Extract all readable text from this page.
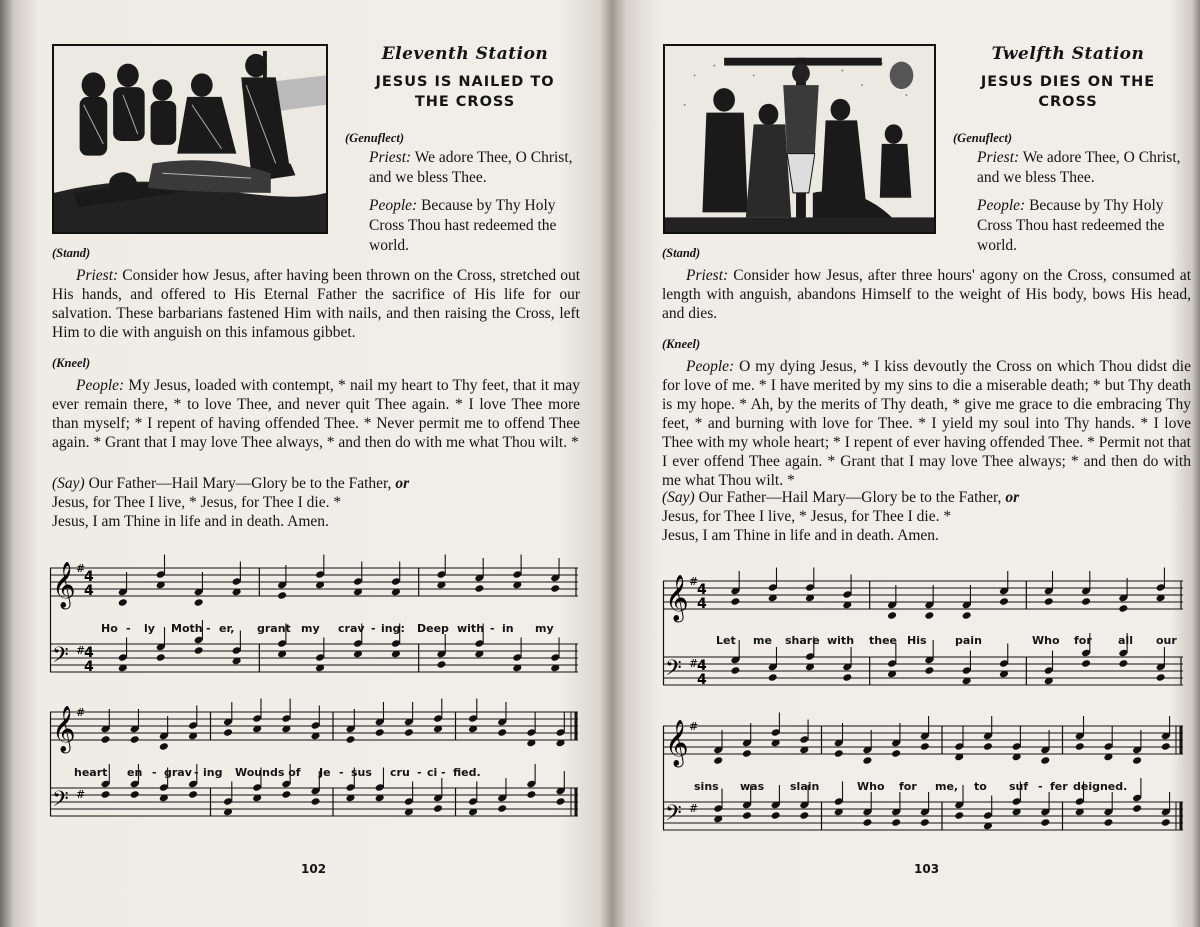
Eleventh Station
JESUS IS NAILED TO
THE CROSS
(Genuflect)

Priest: We adore Thee, O Christ, and we bless Thee.

People: Because by Thy Holy Cross Thou hast redeemed the world.

(Stand)

Priest: Consider how Jesus, after having been thrown on the Cross, stretched out His hands, and offered to His Eternal Father the sacrifice of His life for our salvation. These barbarians fastened Him with nails, and then raising the Cross, left Him to die with anguish on this infamous gibbet.

(Kneel)

People: My Jesus, loaded with contempt, * nail my heart to Thy feet, that it may ever remain there, * to love Thee, and never quit Thee again. * I love Thee more than myself; * I repent of having offended Thee. * Never permit me to offend Thee again. * Grant that I may love Thee always, * and then do with me what Thou wilt. *

(Say) Our Father—Hail Mary—Glory be to the Father, or
Jesus, for Thee I live, * Jesus, for Thee I die. *
Jesus, I am Thine in life and in death. Amen.
𝄞
𝄢
#
#
4
4
4
4
Ho - ly Moth - er, grant my crav - ing: Deep with - in my
𝄞
𝄢
#
#
heart en - grav - ing Wounds of Je - sus cru - ci - fied.
102
Twelfth Station
JESUS DIES ON THE
CROSS
(Genuflect)

Priest: We adore Thee, O Christ, and we bless Thee.

People: Because by Thy Holy Cross Thou hast redeemed the world.

(Stand)

Priest: Consider how Jesus, after three hours' agony on the Cross, consumed at length with anguish, abandons Himself to the weight of His body, bows His head, and dies.

(Kneel)

People: O my dying Jesus, * I kiss devoutly the Cross on which Thou didst die for love of me. * I have merited by my sins to die a miserable death; * but Thy death is my hope. * Ah, by the merits of Thy death, * give me grace to die embracing Thy feet, * and burning with love for Thee. * I yield my soul into Thy hands. * I love Thee with my whole heart; * I repent of ever having offended Thee. * Permit not that I ever offend Thee again. * Grant that I may love Thee always; * and then do with me what Thou wilt. *

(Say) Our Father—Hail Mary—Glory be to the Father, or
Jesus, for Thee I live, * Jesus, for Thee I die. *
Jesus, I am Thine in life and in death. Amen.
𝄞
𝄢
#
#
4
4
4
4
Let me share with thee His	pain	Who for all our
𝄞
𝄢
#
#
sins was slain	Who for me, to suf - fer deigned.
103
